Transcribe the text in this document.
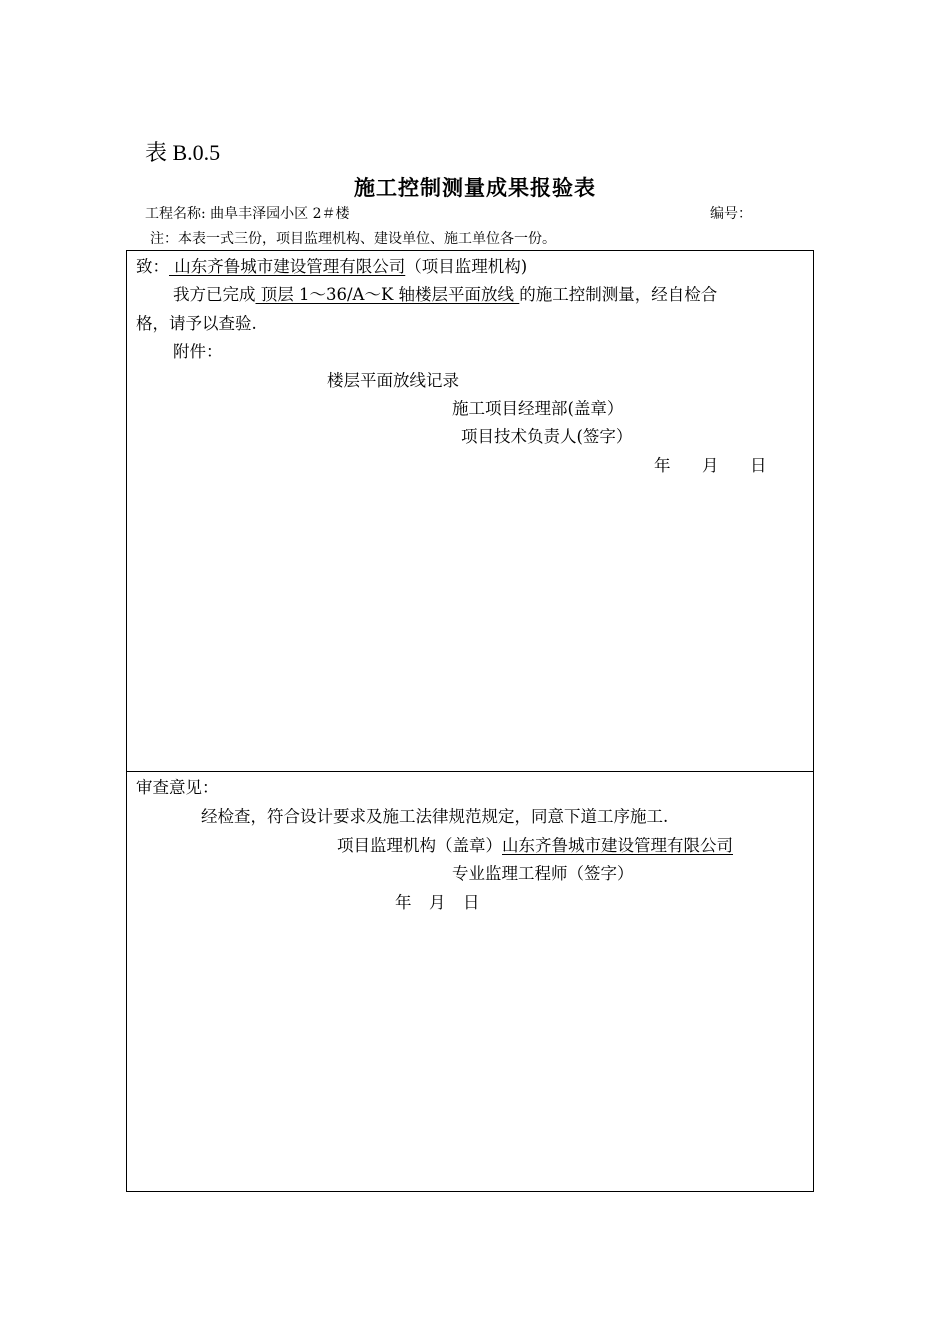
表 B.0.5
施工控制测量成果报验表
工程名称: 曲阜丰泽园小区 2＃楼	编号：
注：本表一式三份，项目监理机构、建设单位、施工单位各一份。
致： 山东齐鲁城市建设管理有限公司（项目监理机构)
我方已完成 顶层 1～36/A～K 轴楼层平面放线 的施工控制测量，经自检合
格，请予以查验.
附件：
楼层平面放线记录
施工项目经理部(盖章）
项目技术负责人(签字）
年 月 日
审查意见：
经检查，符合设计要求及施工法律规范规定，同意下道工序施工.
项目监理机构（盖章）山东齐鲁城市建设管理有限公司
专业监理工程师（签字）
年 月 日
